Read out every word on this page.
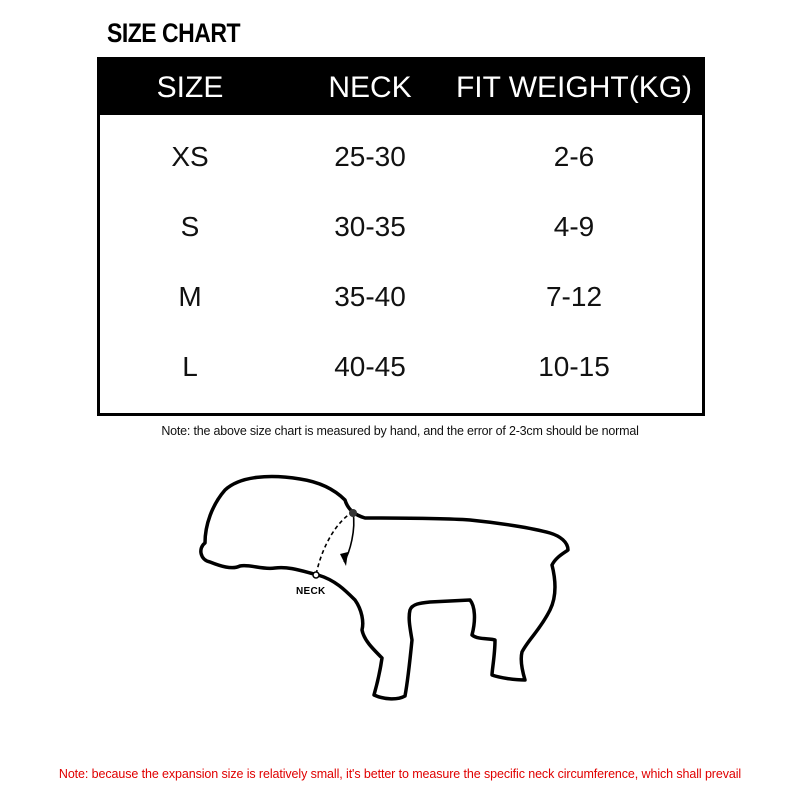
SIZE CHART
SIZE	NECK	FIT WEIGHT(KG)
XS	25-30	2-6
S	30-35	4-9
M	35-40	7-12
L	40-45	10-15
Note: the above size chart is measured by hand, and the error of 2-3cm should be normal
NECK
Note: because the expansion size is relatively small, it's better to measure the specific neck circumference, which shall prevail
